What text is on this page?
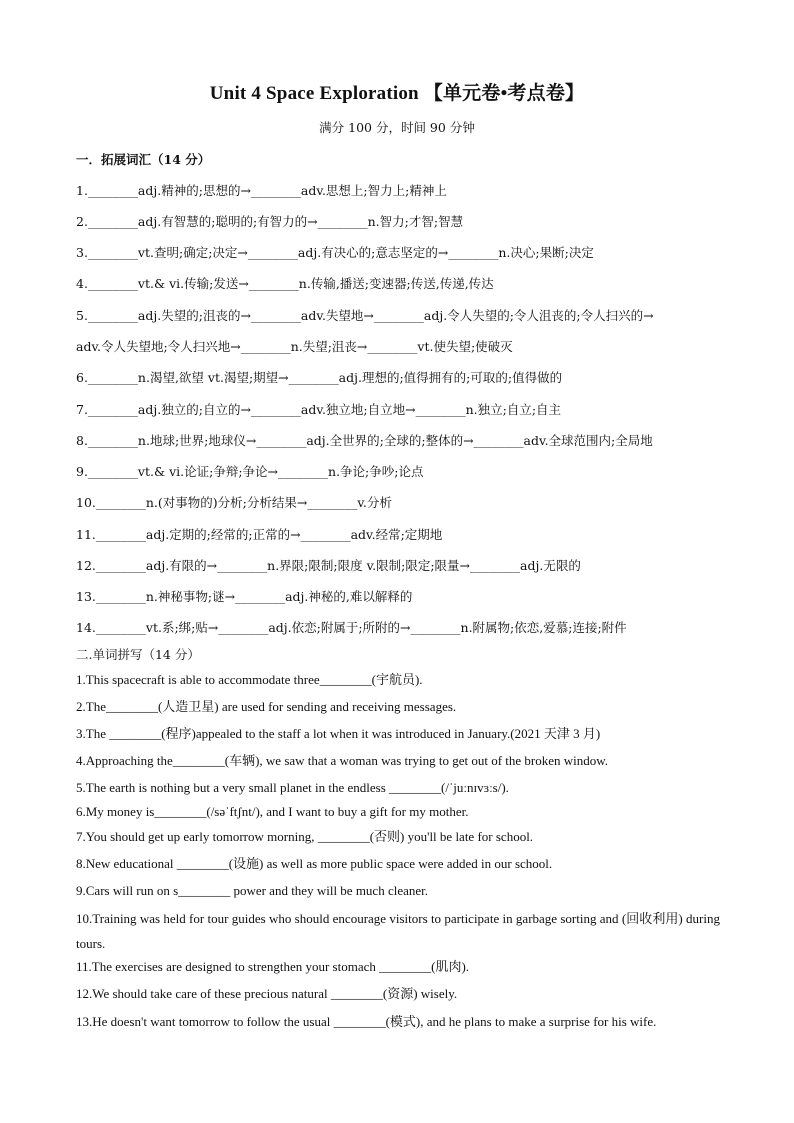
Unit 4 Space Exploration 【单元卷•考点卷】
满分 100 分，时间 90 分钟
一．拓展词汇（14 分）
1.________adj.精神的;思想的→________adv.思想上;智力上;精神上
2.________adj.有智慧的;聪明的;有智力的→________n.智力;才智;智慧
3.________vt.查明;确定;决定→________adj.有决心的;意志坚定的→________n.决心;果断;决定
4.________vt.& vi.传输;发送→________n.传输,播送;变速器;传送,传递,传达
5.________adj.失望的;沮丧的→________adv.失望地→________adj.令人失望的;令人沮丧的;令人扫兴的→
adv.令人失望地;令人扫兴地→________n.失望;沮丧→________vt.使失望;使破灭
6.________n.渴望,欲望 vt.渴望;期望→________adj.理想的;值得拥有的;可取的;值得做的
7.________adj.独立的;自立的→________adv.独立地;自立地→________n.独立;自立;自主
8.________n.地球;世界;地球仪→________adj.全世界的;全球的;整体的→________adv.全球范围内;全局地
9.________vt.& vi.论证;争辩;争论→________n.争论;争吵;论点
10.________n.(对事物的)分析;分析结果→________v.分析
11.________adj.定期的;经常的;正常的→________adv.经常;定期地
12.________adj.有限的→________n.界限;限制;限度 v.限制;限定;限量→________adj.无限的
13.________n.神秘事物;谜→________adj.神秘的,难以解释的
14.________vt.系;绑;贴→________adj.依恋;附属于;所附的→________n.附属物;依恋,爱慕;连接;附件
二.单词拼写（14 分）
1.This spacecraft is able to accommodate three________(宇航员).
2.The________(人造卫星) are used for sending and receiving messages.
3.The ________(程序)appealed to the staff a lot when it was introduced in January.(2021 天津 3 月)
4.Approaching the________(车辆), we saw that a woman was trying to get out of the broken window.
5.The earth is nothing but a very small planet in the endless ________(/ˈjuːnɪvɜːs/).
6.My money is________(/səˈftʃnt/), and I want to buy a gift for my mother.
7.You should get up early tomorrow morning, ________(否则) you'll be late for school.
8.New educational ________(设施) as well as more public space were added in our school.
9.Cars will run on s________ power and they will be much cleaner.
10.Training was held for tour guides who should encourage visitors to participate in garbage sorting and (回收利用) during tours.
11.The exercises are designed to strengthen your stomach ________(肌肉).
12.We should take care of these precious natural ________(资源) wisely.
13.He doesn't want tomorrow to follow the usual ________(模式), and he plans to make a surprise for his wife.
